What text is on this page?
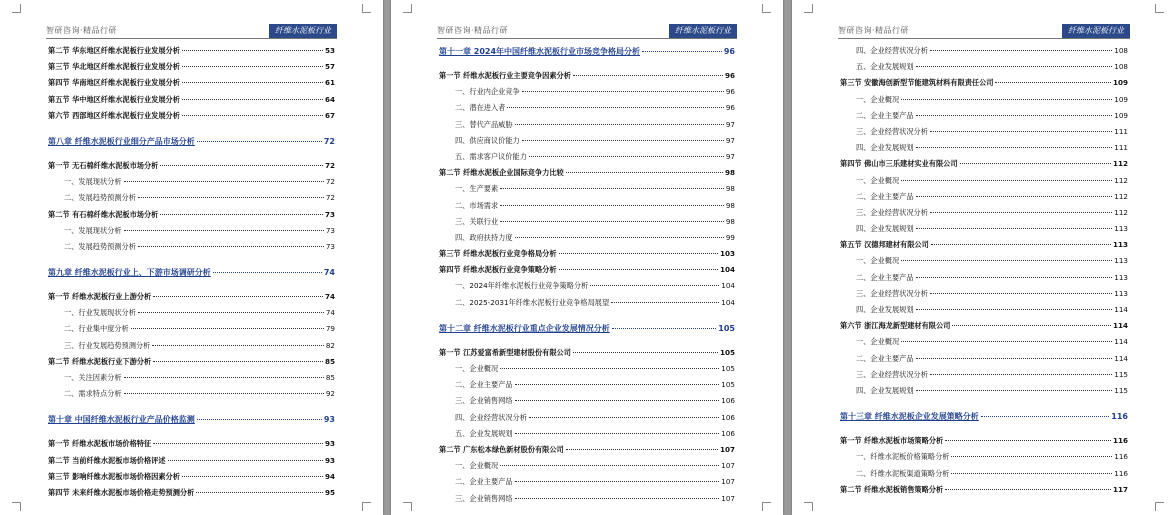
智研咨询·精品行研	纤维水泥板行业
第二节 华东地区纤维水泥板行业发展分析	53
第三节 华北地区纤维水泥板行业发展分析	57
第四节 华南地区纤维水泥板行业发展分析	61
第五节 华中地区纤维水泥板行业发展分析	64
第六节 西部地区纤维水泥板行业发展分析	67
第八章 纤维水泥板行业细分产品市场分析	72
第一节 无石棉纤维水泥板市场分析	72
一、发展现状分析	72
二、发展趋势预测分析	72
第二节 有石棉纤维水泥板市场分析	73
一、发展现状分析	73
二、发展趋势预测分析	73
第九章 纤维水泥板行业上、下游市场调研分析	74
第一节 纤维水泥板行业上游分析	74
一、行业发展现状分析	74
二、行业集中度分析	79
三、行业发展趋势预测分析	82
第二节 纤维水泥板行业下游分析	85
一、关注因素分析	85
二、需求特点分析	92
第十章 中国纤维水泥板行业产品价格监测	93
第一节 纤维水泥板市场价格特征	93
第二节 当前纤维水泥板市场价格评述	93
第三节 影响纤维水泥板市场价格因素分析	94
第四节 未来纤维水泥板市场价格走势预测分析	95
智研咨询·精品行研	纤维水泥板行业
第十一章 2024年中国纤维水泥板行业市场竞争格局分析	96
第一节 纤维水泥板行业主要竞争因素分析	96
一、行业内企业竞争	96
二、潜在进入者	96
三、替代产品威胁	97
四、供应商议价能力	97
五、需求客户议价能力	97
第二节 纤维水泥板企业国际竞争力比较	98
一、生产要素	98
二、市场需求	98
三、关联行业	98
四、政府扶持力度	99
第三节 纤维水泥板行业竞争格局分析	103
第四节 纤维水泥板行业竞争策略分析	104
一、2024年纤维水泥板行业竞争策略分析	104
二、2025-2031年纤维水泥板行业竞争格局展望	104
第十二章 纤维水泥板行业重点企业发展情况分析	105
第一节 江苏爱富希新型建材股份有限公司	105
一、企业概况	105
二、企业主要产品	105
三、企业销售网络	106
四、企业经营状况分析	106
五、企业发展规划	106
第二节 广东松本绿色新材股份有限公司	107
一、企业概况	107
二、企业主要产品	107
三、企业销售网络	107
智研咨询·精品行研	纤维水泥板行业
四、企业经营状况分析	108
五、企业发展规划	108
第三节 安徽海创新型节能建筑材料有限责任公司	109
一、企业概况	109
二、企业主要产品	109
三、企业经营状况分析	111
四、企业发展规划	111
第四节 佛山市三乐建材实业有限公司	112
一、企业概况	112
二、企业主要产品	112
三、企业经营状况分析	112
四、企业发展规划	113
第五节 汉德邦建材有限公司	113
一、企业概况	113
二、企业主要产品	113
三、企业经营状况分析	113
四、企业发展规划	114
第六节 浙江海龙新型建材有限公司	114
一、企业概况	114
二、企业主要产品	114
三、企业经营状况分析	115
四、企业发展规划	115
第十三章 纤维水泥板企业发展策略分析	116
第一节 纤维水泥板市场策略分析	116
一、纤维水泥板价格策略分析	116
二、纤维水泥板渠道策略分析	116
第二节 纤维水泥板销售策略分析	117
